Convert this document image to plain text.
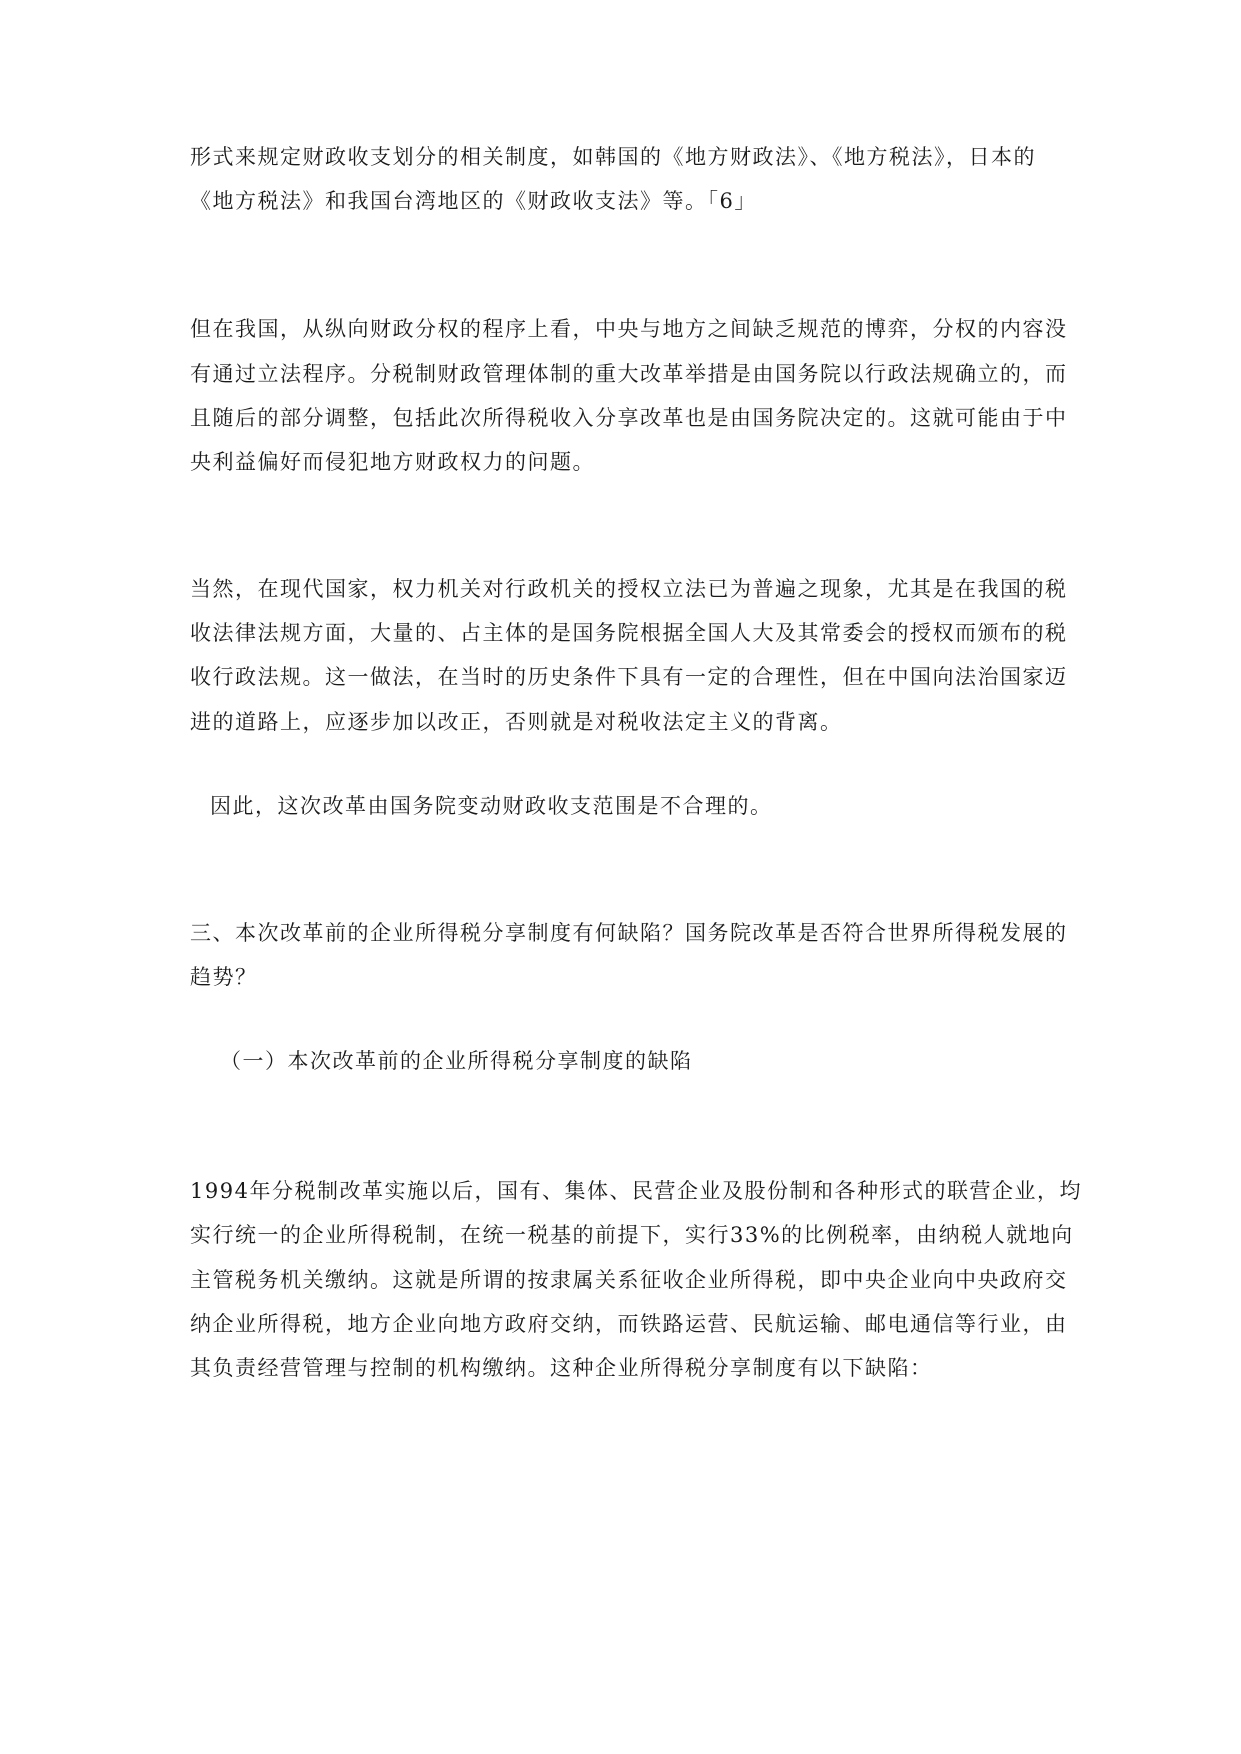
形式来规定财政收支划分的相关制度，如韩国的《地方财政法》、《地方税法》，日本的
《地方税法》和我国台湾地区的《财政收支法》等。「6」
但在我国，从纵向财政分权的程序上看，中央与地方之间缺乏规范的博弈，分权的内容没
有通过立法程序。分税制财政管理体制的重大改革举措是由国务院以行政法规确立的，而
且随后的部分调整，包括此次所得税收入分享改革也是由国务院决定的。这就可能由于中
央利益偏好而侵犯地方财政权力的问题。
当然，在现代国家，权力机关对行政机关的授权立法已为普遍之现象，尤其是在我国的税
收法律法规方面，大量的、占主体的是国务院根据全国人大及其常委会的授权而颁布的税
收行政法规。这一做法，在当时的历史条件下具有一定的合理性，但在中国向法治国家迈
进的道路上，应逐步加以改正，否则就是对税收法定主义的背离。
因此，这次改革由国务院变动财政收支范围是不合理的。
三、本次改革前的企业所得税分享制度有何缺陷？国务院改革是否符合世界所得税发展的
趋势？
（一）本次改革前的企业所得税分享制度的缺陷
1994年分税制改革实施以后，国有、集体、民营企业及股份制和各种形式的联营企业，均
实行统一的企业所得税制，在统一税基的前提下，实行33%的比例税率，由纳税人就地向
主管税务机关缴纳。这就是所谓的按隶属关系征收企业所得税，即中央企业向中央政府交
纳企业所得税，地方企业向地方政府交纳，而铁路运营、民航运输、邮电通信等行业，由
其负责经营管理与控制的机构缴纳。这种企业所得税分享制度有以下缺陷：
